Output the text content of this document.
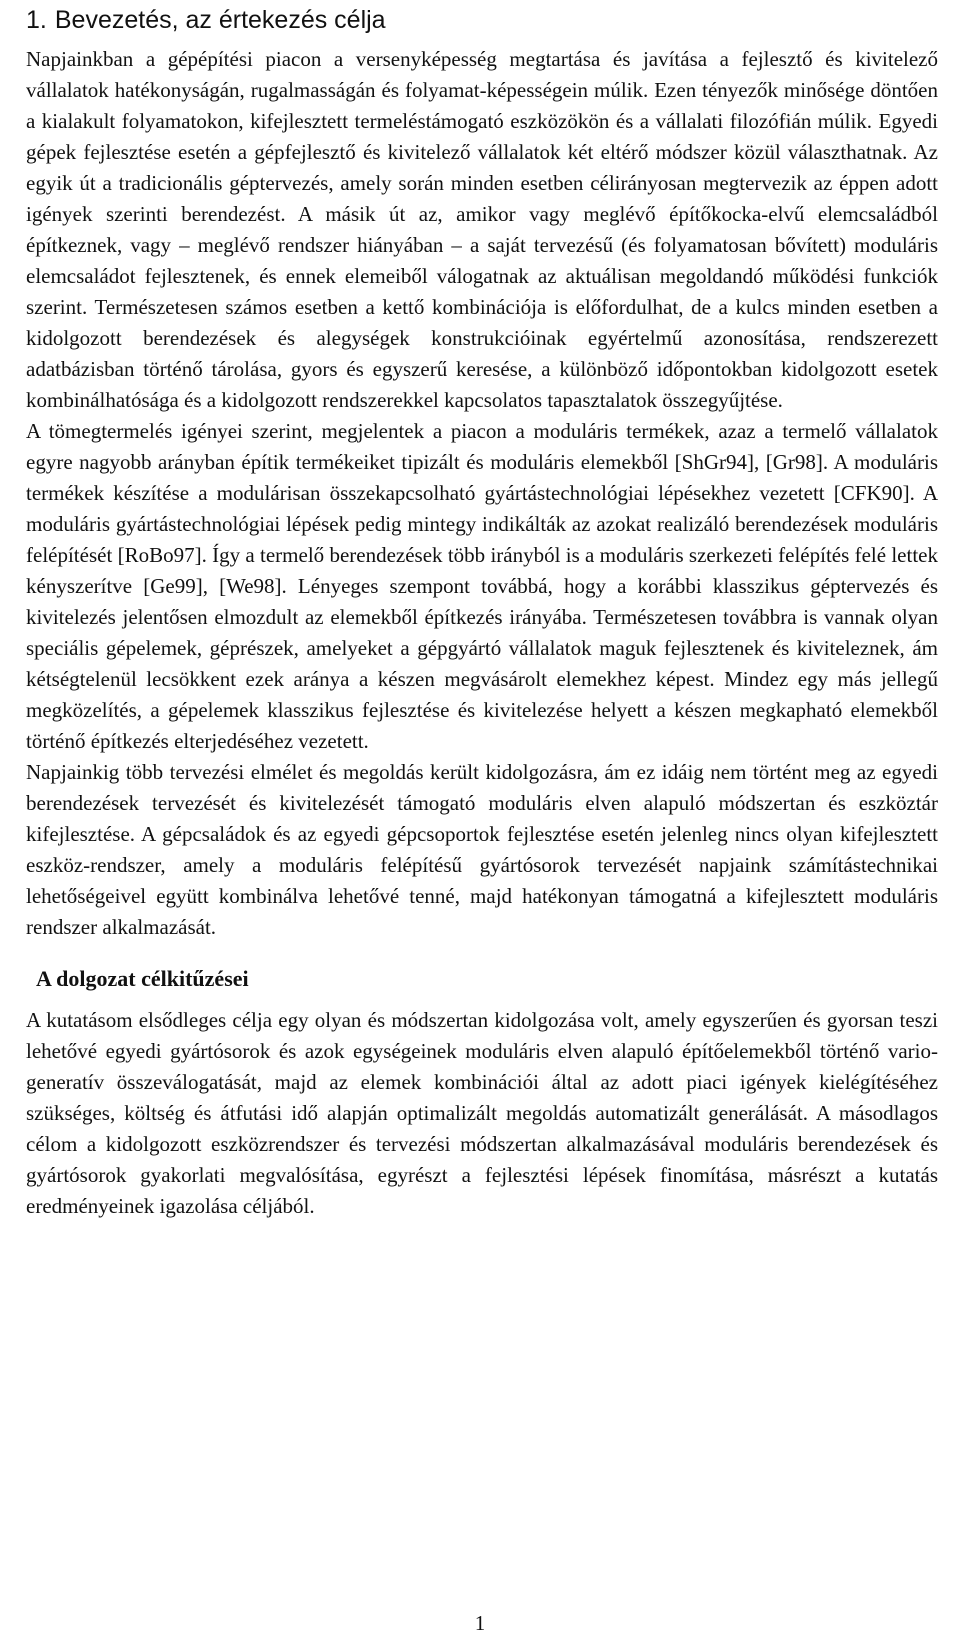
1. Bevezetés, az értekezés célja

Napjainkban a gépépítési piacon a versenyképesség megtartása és javítása a fejlesztő és kivitelező vállalatok hatékonyságán, rugalmasságán és folyamat-képességein múlik. Ezen tényezők minősége döntően a kialakult folyamatokon, kifejlesztett termeléstámogató eszközökön és a vállalati filozófián múlik. Egyedi gépek fejlesztése esetén a gépfejlesztő és kivitelező vállalatok két eltérő módszer közül választhatnak. Az egyik út a tradicionális géptervezés, amely során minden esetben célirányosan megtervezik az éppen adott igények szerinti berendezést. A másik út az, amikor vagy meglévő építőkocka-elvű elemcsaládból építkeznek, vagy – meglévő rendszer hiányában – a saját tervezésű (és folyamatosan bővített) moduláris elemcsaládot fejlesztenek, és ennek elemeiből válogatnak az aktuálisan megoldandó működési funkciók szerint. Természetesen számos esetben a kettő kombinációja is előfordulhat, de a kulcs minden esetben a kidolgozott berendezések és alegységek konstrukcióinak egyértelmű azonosítása, rendszerezett adatbázisban történő tárolása, gyors és egyszerű keresése, a különböző időpontokban kidolgozott esetek kombinálhatósága és a kidolgozott rendszerekkel kapcsolatos tapasztalatok összegyűjtése.

A tömegtermelés igényei szerint, megjelentek a piacon a moduláris termékek, azaz a termelő vállalatok egyre nagyobb arányban építik termékeiket tipizált és moduláris elemekből [ShGr94], [Gr98]. A moduláris termékek készítése a modulárisan összekapcsolható gyártástechnológiai lépésekhez vezetett [CFK90]. A moduláris gyártástechnológiai lépések pedig mintegy indikálták az azokat realizáló berendezések moduláris felépítését [RoBo97]. Így a termelő berendezések több irányból is a moduláris szerkezeti felépítés felé lettek kényszerítve [Ge99], [We98]. Lényeges szempont továbbá, hogy a korábbi klasszikus géptervezés és kivitelezés jelentősen elmozdult az elemekből építkezés irányába. Természetesen továbbra is vannak olyan speciális gépelemek, géprészek, amelyeket a gépgyártó vállalatok maguk fejlesztenek és kiviteleznek, ám kétségtelenül lecsökkent ezek aránya a készen megvásárolt elemekhez képest. Mindez egy más jellegű megközelítés, a gépelemek klasszikus fejlesztése és kivitelezése helyett a készen megkapható elemekből történő építkezés elterjedéséhez vezetett.

Napjainkig több tervezési elmélet és megoldás került kidolgozásra, ám ez idáig nem történt meg az egyedi berendezések tervezését és kivitelezését támogató moduláris elven alapuló módszertan és eszköztár kifejlesztése. A gépcsaládok és az egyedi gépcsoportok fejlesztése esetén jelenleg nincs olyan kifejlesztett eszköz-rendszer, amely a moduláris felépítésű gyártósorok tervezését napjaink számítástechnikai lehetőségeivel együtt kombinálva lehetővé tenné, majd hatékonyan támogatná a kifejlesztett moduláris rendszer alkalmazását.

A dolgozat célkitűzései

A kutatásom elsődleges célja egy olyan és módszertan kidolgozása volt, amely egyszerűen és gyorsan teszi lehetővé egyedi gyártósorok és azok egységeinek moduláris elven alapuló építőelemekből történő vario-generatív összeválogatását, majd az elemek kombinációi által az adott piaci igények kielégítéséhez szükséges, költség és átfutási idő alapján optimalizált megoldás automatizált generálását. A másodlagos célom a kidolgozott eszközrendszer és tervezési módszertan alkalmazásával moduláris berendezések és gyártósorok gyakorlati megvalósítása, egyrészt a fejlesztési lépések finomítása, másrészt a kutatás eredményeinek igazolása céljából.

1
